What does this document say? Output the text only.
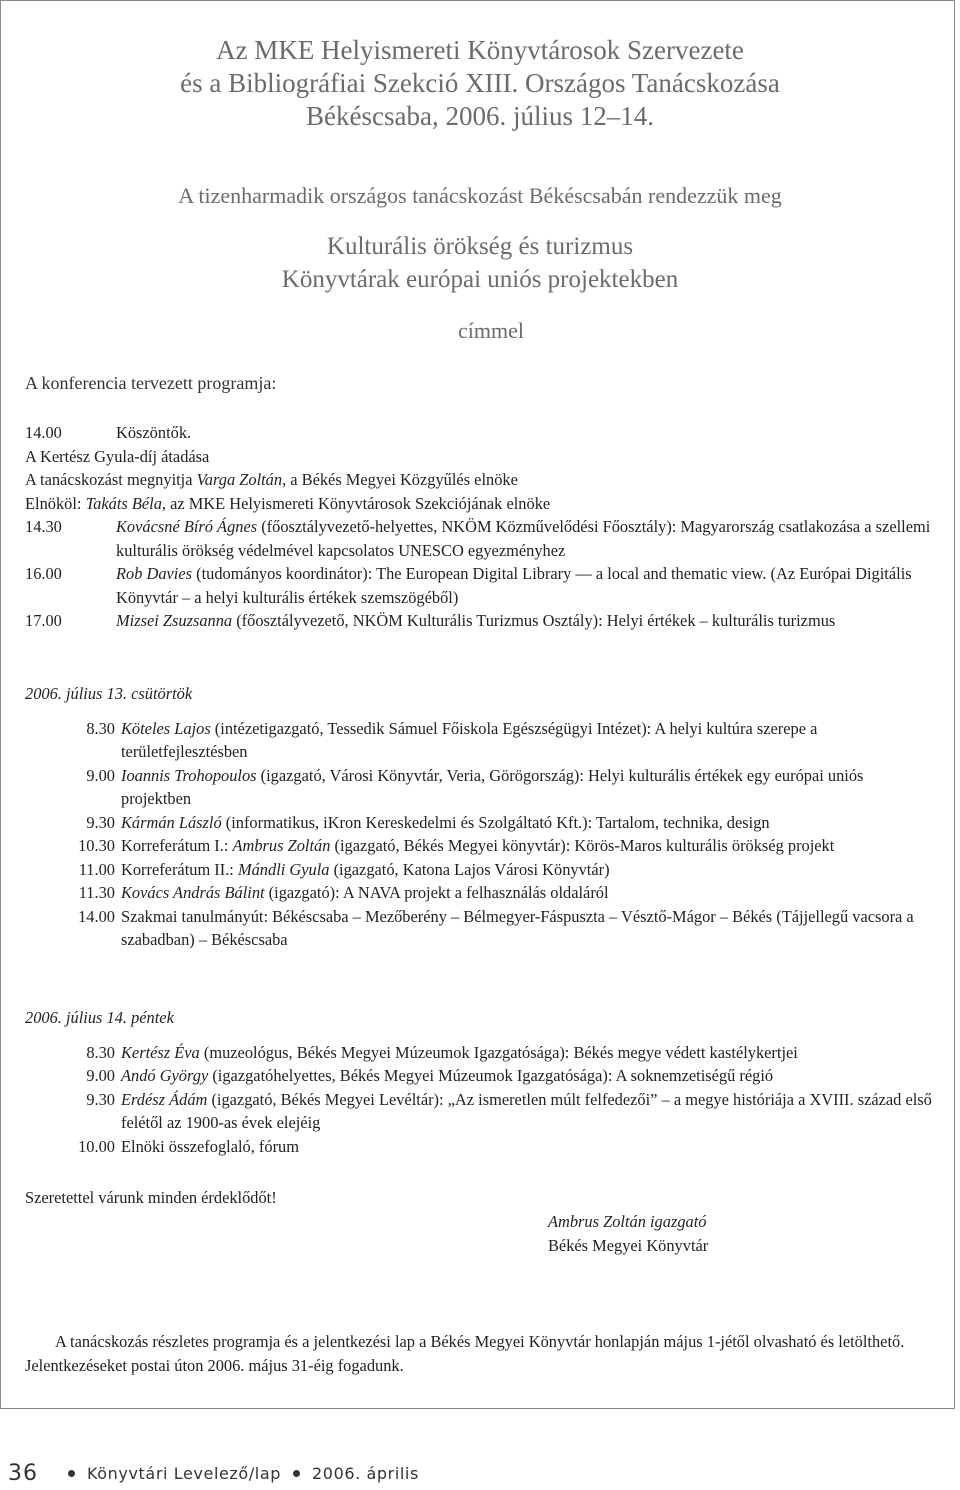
Az MKE Helyismereti Könyvtárosok Szervezete
és a Bibliográfiai Szekció XIII. Országos Tanácskozása
Békéscsaba, 2006. július 12–14.
A tizenharmadik országos tanácskozást Békéscsabán rendezzük meg
Kulturális örökség és turizmus
Könyvtárak európai uniós projektekben
címmel
A konferencia tervezett programja:
14.00	Köszöntők.
A Kertész Gyula-díj átadása
A tanácskozást megnyitja Varga Zoltán, a Békés Megyei Közgyűlés elnöke
Elnököl: Takáts Béla, az MKE Helyismereti Könyvtárosok Szekciójának elnöke
14.30	Kovácsné Bíró Ágnes (főosztályvezető-helyettes, NKÖM Közművelődési Főosztály): Magyarország csatlakozása a szellemi kulturális örökség védelmével kapcsolatos UNESCO egyezményhez
16.00	Rob Davies (tudományos koordinátor): The European Digital Library — a local and thematic view. (Az Európai Digitális Könyvtár – a helyi kulturális értékek szemszögéből)
17.00	Mizsei Zsuzsanna (főosztályvezető, NKÖM Kulturális Turizmus Osztály): Helyi értékek – kulturális turizmus
2006. július 13. csütörtök
8.30 Köteles Lajos (intézetigazgató, Tessedik Sámuel Főiskola Egészségügyi Intézet): A helyi kultúra szerepe a területfejlesztésben
9.00 Ioannis Trohopoulos (igazgató, Városi Könyvtár, Veria, Görögország): Helyi kulturális értékek egy európai uniós projektben
9.30 Kármán László (informatikus, iKron Kereskedelmi és Szolgáltató Kft.): Tartalom, technika, design
10.30 Korreferátum I.: Ambrus Zoltán (igazgató, Békés Megyei könyvtár): Körös-Maros kulturális örökség projekt
11.00 Korreferátum II.: Mándli Gyula (igazgató, Katona Lajos Városi Könyvtár)
11.30 Kovács András Bálint (igazgató): A NAVA projekt a felhasználás oldaláról
14.00 Szakmai tanulmányút: Békéscsaba – Mezőberény – Bélmegyer-Fáspuszta – Vésztő-Mágor – Békés (Tájjellegű vacsora a szabadban) – Békéscsaba
2006. július 14. péntek
8.30 Kertész Éva (muzeológus, Békés Megyei Múzeumok Igazgatósága): Békés megye védett kastélykertjei
9.00 Andó György (igazgatóhelyettes, Békés Megyei Múzeumok Igazgatósága): A soknemzetiségű régió
9.30 Erdész Ádám (igazgató, Békés Megyei Levéltár): „Az ismeretlen múlt felfedezői” – a megye históriája a XVIII. század első felétől az 1900-as évek elejéig
10.00 Elnöki összefoglaló, fórum
Szeretettel várunk minden érdeklődőt!
Ambrus Zoltán igazgató
Békés Megyei Könyvtár
A tanácskozás részletes programja és a jelentkezési lap a Békés Megyei Könyvtár honlapján május 1-jétől olvasható és letölthető. Jelentkezéseket postai úton 2006. május 31-éig fogadunk.
36	Könyvtári Levelező/lap 2006. április
